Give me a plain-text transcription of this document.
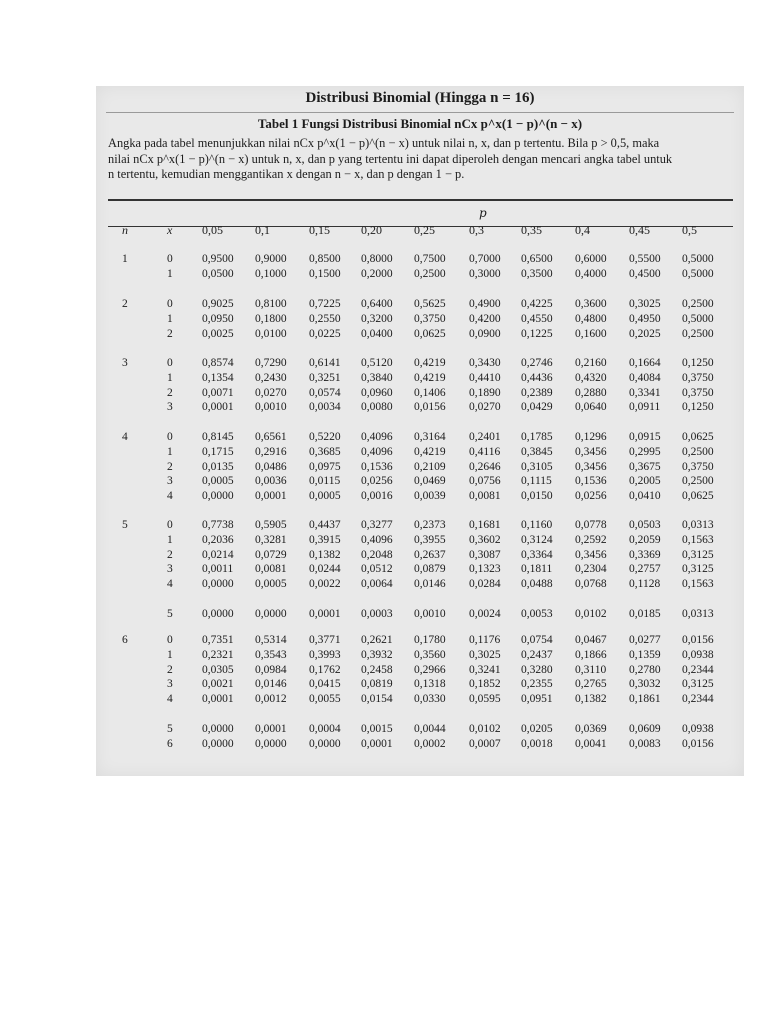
Distribusi Binomial (Hingga n = 16)
Tabel 1 Fungsi Distribusi Binomial nCx p^x(1 − p)^(n − x)
Angka pada tabel menunjukkan nilai nCx p^x(1 − p)^(n − x) untuk nilai n, x, dan p tertentu. Bila p > 0,5, maka
nilai nCx p^x(1 − p)^(n − x) untuk n, x, dan p yang tertentu ini dapat diperoleh dengan mencari angka tabel untuk
n tertentu, kemudian menggantikan x dengan n − x, dan p dengan 1 − p.
p
n	x 0,05	0,1	0,15	0,20	0,25	0,3	0,35	0,4	0,45	0,5
1	0	0,9500 0,9000 0,8500 0,8000 0,7500 0,7000 0,6500 0,6000 0,5500 0,5000
1	0,0500 0,1000 0,1500 0,2000 0,2500 0,3000 0,3500 0,4000 0,4500 0,5000
2	0	0,9025 0,8100 0,7225 0,6400 0,5625 0,4900 0,4225 0,3600 0,3025 0,2500
1	0,0950 0,1800 0,2550 0,3200 0,3750 0,4200 0,4550 0,4800 0,4950 0,5000
2	0,0025 0,0100 0,0225 0,0400 0,0625 0,0900 0,1225 0,1600 0,2025 0,2500
3	0	0,8574 0,7290 0,6141 0,5120 0,4219 0,3430 0,2746 0,2160 0,1664 0,1250
1	0,1354 0,2430 0,3251 0,3840 0,4219 0,4410 0,4436 0,4320 0,4084 0,3750
2	0,0071 0,0270 0,0574 0,0960 0,1406 0,1890 0,2389 0,2880 0,3341 0,3750
3	0,0001 0,0010 0,0034 0,0080 0,0156 0,0270 0,0429 0,0640 0,0911 0,1250
4	0	0,8145 0,6561 0,5220 0,4096 0,3164 0,2401 0,1785 0,1296 0,0915 0,0625
1	0,1715 0,2916 0,3685 0,4096 0,4219 0,4116 0,3845 0,3456 0,2995 0,2500
2	0,0135 0,0486 0,0975 0,1536 0,2109 0,2646 0,3105 0,3456 0,3675 0,3750
3	0,0005 0,0036 0,0115 0,0256 0,0469 0,0756 0,1115 0,1536 0,2005 0,2500
4	0,0000 0,0001 0,0005 0,0016 0,0039 0,0081 0,0150 0,0256 0,0410 0,0625
5	0	0,7738 0,5905 0,4437 0,3277 0,2373 0,1681 0,1160 0,0778 0,0503 0,0313
1	0,2036 0,3281 0,3915 0,4096 0,3955 0,3602 0,3124 0,2592 0,2059 0,1563
2	0,0214 0,0729 0,1382 0,2048 0,2637 0,3087 0,3364 0,3456 0,3369 0,3125
3	0,0011 0,0081 0,0244 0,0512 0,0879 0,1323 0,1811 0,2304 0,2757 0,3125
4	0,0000 0,0005 0,0022 0,0064 0,0146 0,0284 0,0488 0,0768 0,1128 0,1563
5	0,0000 0,0000 0,0001 0,0003 0,0010 0,0024 0,0053 0,0102 0,0185 0,0313
6	0	0,7351 0,5314 0,3771 0,2621 0,1780 0,1176 0,0754 0,0467 0,0277 0,0156
1	0,2321 0,3543 0,3993 0,3932 0,3560 0,3025 0,2437 0,1866 0,1359 0,0938
2	0,0305 0,0984 0,1762 0,2458 0,2966 0,3241 0,3280 0,3110 0,2780 0,2344
3	0,0021 0,0146 0,0415 0,0819 0,1318 0,1852 0,2355 0,2765 0,3032 0,3125
4	0,0001 0,0012 0,0055 0,0154 0,0330 0,0595 0,0951 0,1382 0,1861 0,2344
5	0,0000 0,0001 0,0004 0,0015 0,0044 0,0102 0,0205 0,0369 0,0609 0,0938
6	0,0000 0,0000 0,0000 0,0001 0,0002 0,0007 0,0018 0,0041 0,0083 0,0156
